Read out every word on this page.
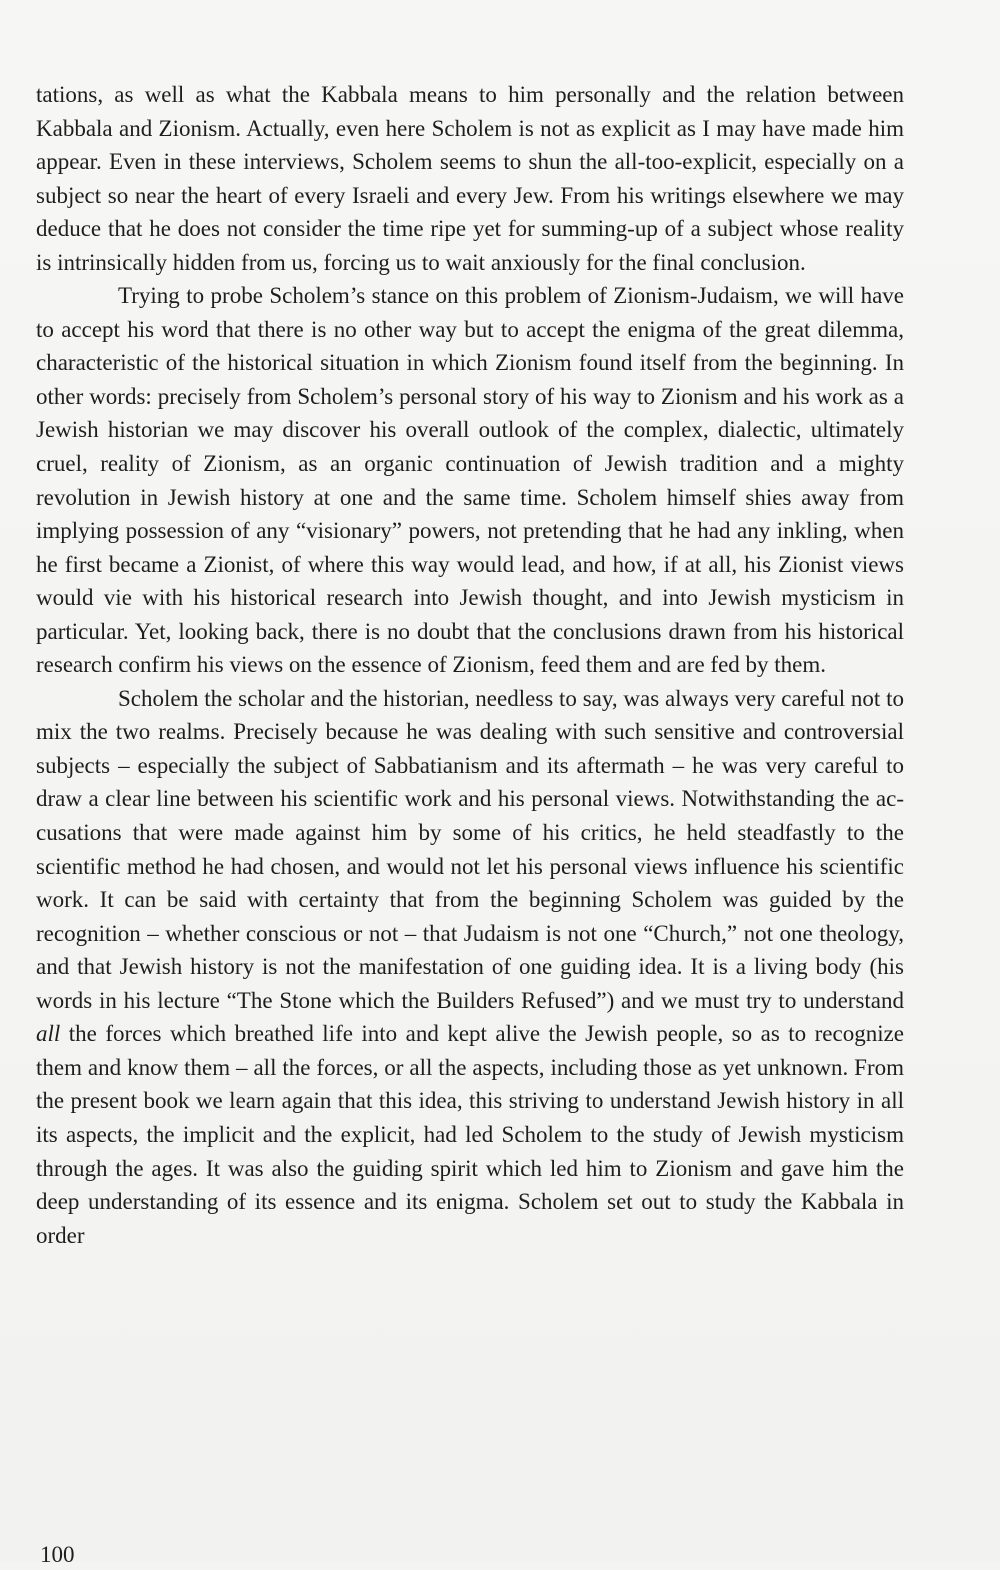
tations, as well as what the Kabbala means to him personally and the relation between Kabbala and Zionism. Actually, even here Scholem is not as explicit as I may have made him appear. Even in these interviews, Scholem seems to shun the all-too-explicit, especially on a subject so near the heart of every Israeli and every Jew. From his writings elsewhere we may deduce that he does not consider the time ripe yet for summing-up of a subject whose reality is intrinsically hidden from us, forcing us to wait anxiously for the final conclusion.

Trying to probe Scholem’s stance on this problem of Zionism-Judaism, we will have to accept his word that there is no other way but to accept the enigma of the great dilemma, characteristic of the historical situation in which Zionism found itself from the beginning. In other words: precisely from Scholem’s personal story of his way to Zionism and his work as a Jewish historian we may discover his overall outlook of the complex, dialectic, ultimately cruel, reality of Zionism, as an organic continuation of Jewish tradition and a mighty revolution in Jewish history at one and the same time. Scholem himself shies away from implying possession of any “visionary” powers, not pretending that he had any inkling, when he first became a Zionist, of where this way would lead, and how, if at all, his Zionist views would vie with his historical research into Jewish thought, and into Jewish mysticism in particular. Yet, looking back, there is no doubt that the conclusions drawn from his historical research confirm his views on the essence of Zionism, feed them and are fed by them.

Scholem the scholar and the historian, needless to say, was always very careful not to mix the two realms. Precisely because he was dealing with such sensitive and controversial subjects – especially the subject of Sabbatianism and its aftermath – he was very careful to draw a clear line between his scientific work and his personal views. Notwithstanding the accusations that were made against him by some of his critics, he held steadfastly to the scientific method he had chosen, and would not let his personal views influence his scientific work. It can be said with certainty that from the beginning Scholem was guided by the recognition – whether conscious or not – that Judaism is not one “Church,” not one theology, and that Jewish history is not the manifestation of one guiding idea. It is a living body (his words in his lecture “The Stone which the Builders Refused”) and we must try to understand all the forces which breathed life into and kept alive the Jewish people, so as to recognize them and know them – all the forces, or all the aspects, including those as yet unknown. From the present book we learn again that this idea, this striving to understand Jewish history in all its aspects, the implicit and the explicit, had led Scholem to the study of Jewish mysticism through the ages. It was also the guiding spirit which led him to Zionism and gave him the deep understanding of its essence and its enigma. Scholem set out to study the Kabbala in order

100
